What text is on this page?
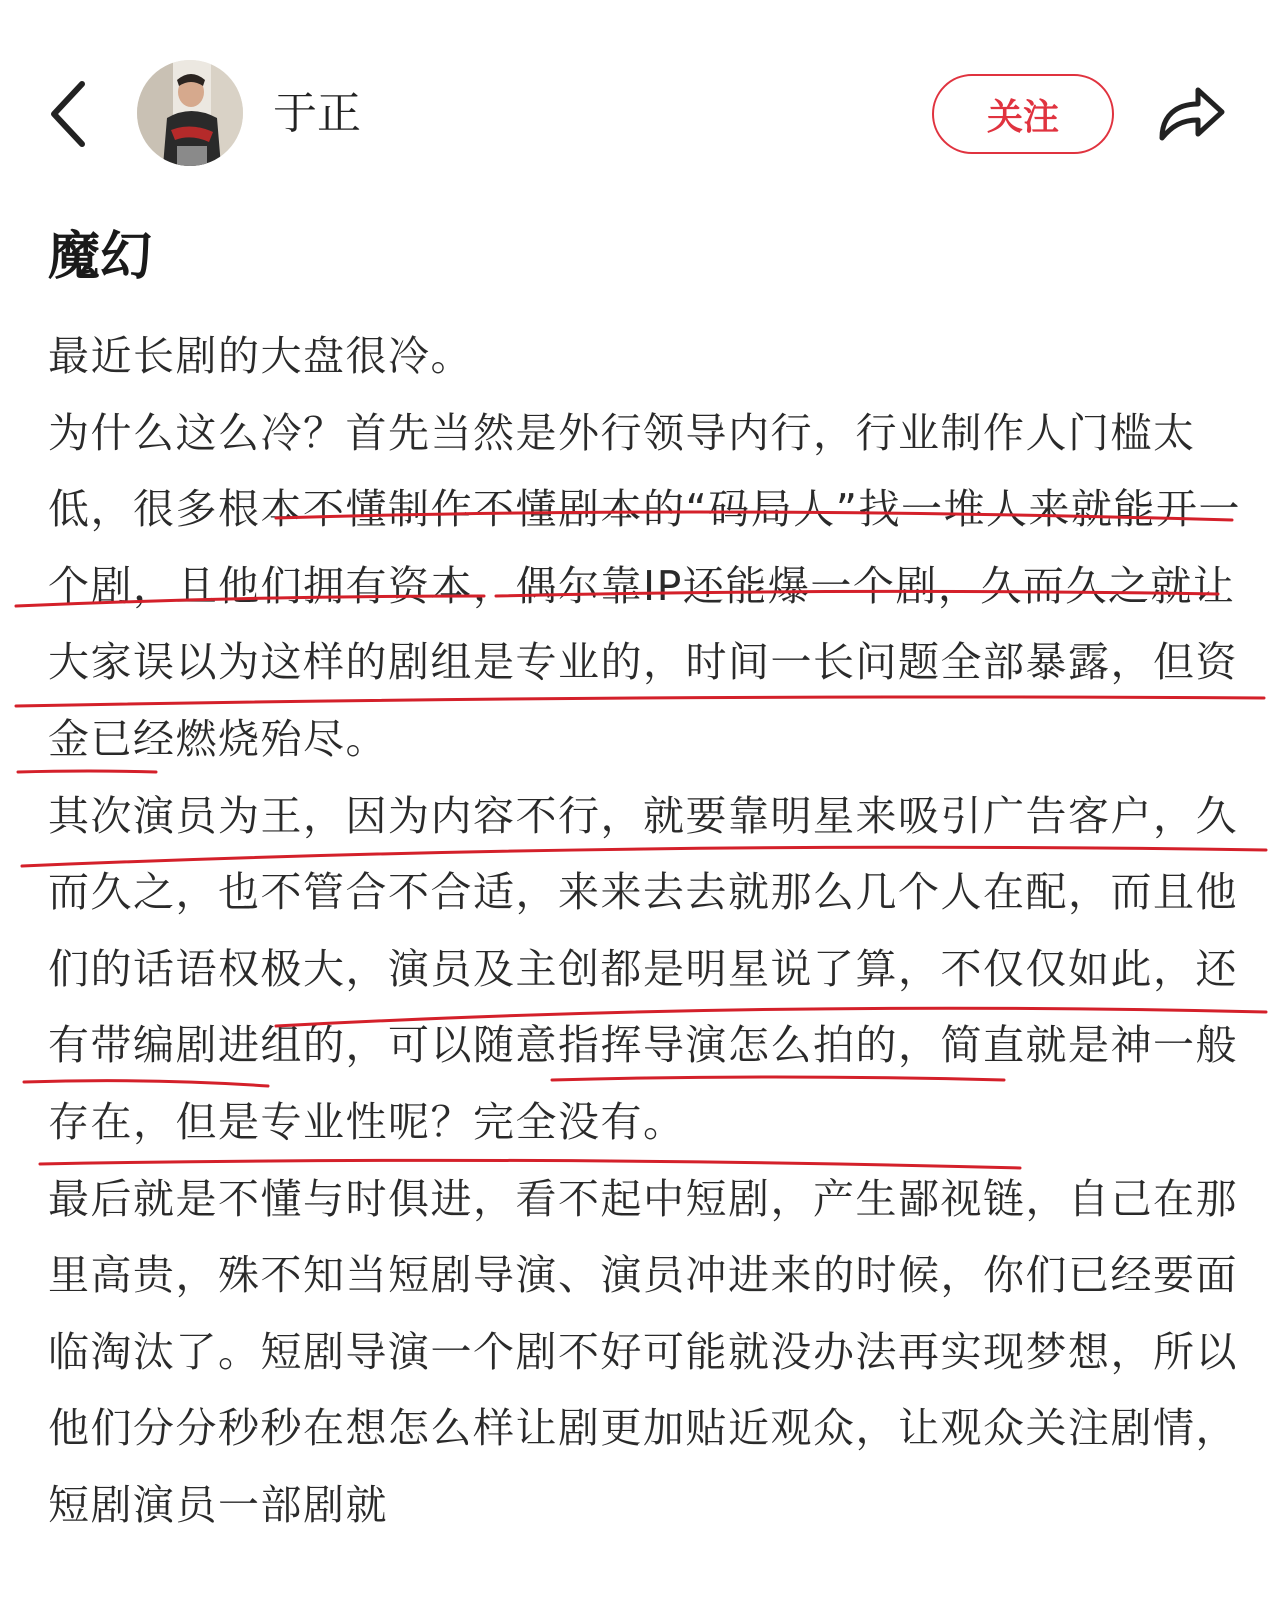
于正	关注
魔幻

最近长剧的大盘很冷。

为什么这么冷？首先当然是外行领导内行，行业制作人门槛太低，很多根本不懂制作不懂剧本的“码局人”找一堆人来就能开一个剧，且他们拥有资本，偶尔靠IP还能爆一个剧，久而久之就让大家误以为这样的剧组是专业的，时间一长问题全部暴露，但资金已经燃烧殆尽。

其次演员为王，因为内容不行，就要靠明星来吸引广告客户，久而久之，也不管合不合适，来来去去就那么几个人在配，而且他们的话语权极大，演员及主创都是明星说了算，不仅仅如此，还有带编剧进组的，可以随意指挥导演怎么拍的，简直就是神一般存在，但是专业性呢？完全没有。

最后就是不懂与时俱进，看不起中短剧，产生鄙视链，自己在那里高贵，殊不知当短剧导演、演员冲进来的时候，你们已经要面临淘汰了。短剧导演一个剧不好可能就没办法再实现梦想，所以他们分分秒秒在想怎么样让剧更加贴近观众，让观众关注剧情，短剧演员一部剧就
